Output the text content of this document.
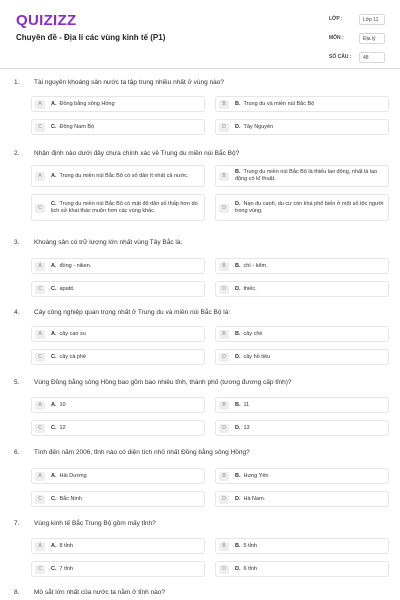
QUIZIZZ
Chuyên đề - Địa lí các vùng kinh tế (P1)
LỚP :	Lớp 11
MÔN :	Địa lý
SỐ CÂU :	48
1. Tài nguyên khoáng sản nước ta tập trung nhiều nhất ở vùng nào?
A	A. Đồng bằng sông Hồng	B	B. Trung du và miền núi Bắc Bộ
C	C. Đông Nam Bộ	D	D. Tây Nguyên
2. Nhận định nào dưới đây chưa chính xác về Trung du miền núi Bắc Bộ?
A	A. Trung du miền núi Bắc Bộ có số dân ít nhất cả nước.	B
B. Trung du miền núi Bắc Bộ là thiếu lao động, nhất là lao động có kĩ thuật.
C
C. Trung du miền núi Bắc Bộ có mật độ dân số thấp hơn do lịch sử khai thác muộn hơn các vùng khác.	D
D. Nạn du canh, du cư còn khá phổ biến ở một số tộc người trong vùng.
3. Khoáng sản có trữ lượng lớn nhất vùng Tây Bắc là:
A	A. đồng - niken.	B	B. chì - kẽm.
C	C. apatit.	D	D. thiếc.
4. Cây công nghiệp quan trọng nhất ở Trung du và miền núi Bắc Bộ là:
A	A. cây cao su	B	B. cây chè
C	C. cây cà phê	D	D. cây hồ tiêu
5. Vùng Đồng bằng sông Hồng bao gồm bao nhiêu tỉnh, thành phố (tương đương cấp tỉnh)?
A	A. 10	B	B. 11
C	C. 12	D	D. 13
6. Tính đến năm 2006, tỉnh nào có diện tích nhỏ nhất Đồng bằng sông Hồng?
A	A. Hải Dương	B	B. Hưng Yên
C	C. Bắc Ninh	D	D. Hà Nam.
7. Vùng kinh tế Bắc Trung Bộ gồm mấy tỉnh?
A	A. 8 tỉnh	B	B. 5 tỉnh
C	C. 7 tỉnh	D	D. 6 tỉnh
8. Mỏ sắt lớn nhất của nước ta nằm ở tỉnh nào?
